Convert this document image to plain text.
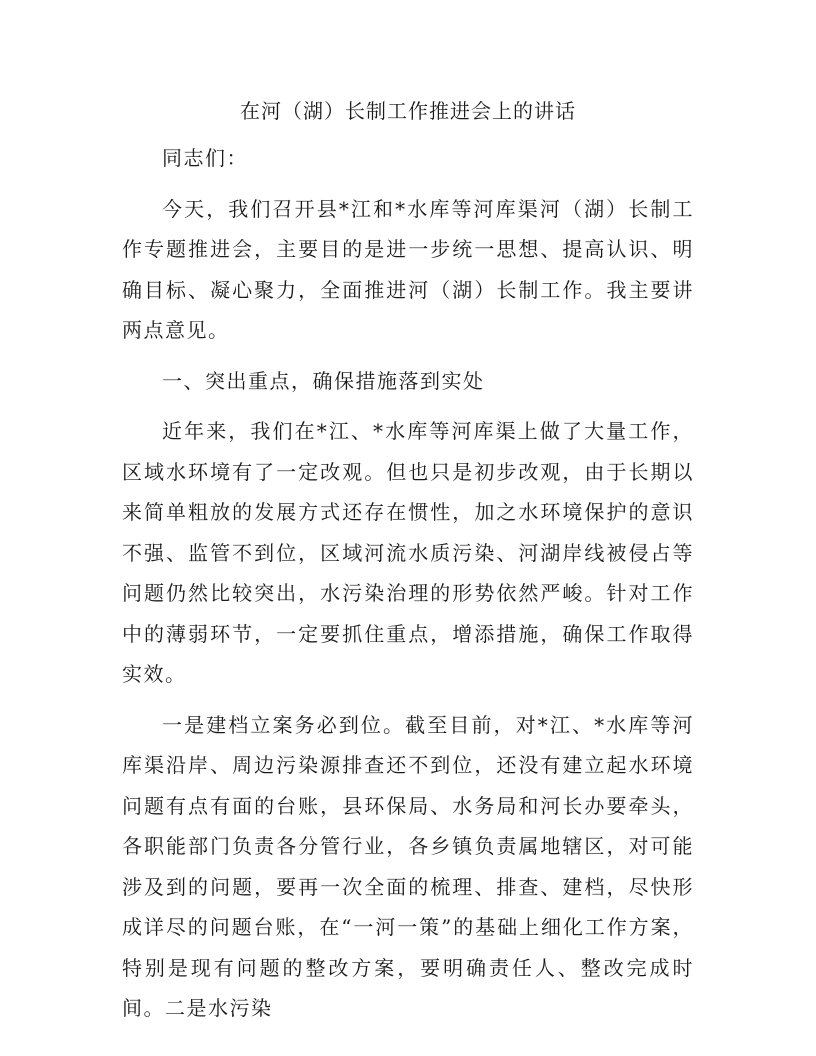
在河（湖）长制工作推进会上的讲话

同志们：

今天，我们召开县*江和*水库等河库渠河（湖）长制工作专题推进会，主要目的是进一步统一思想、提高认识、明确目标、凝心聚力，全面推进河（湖）长制工作。我主要讲两点意见。

一、突出重点，确保措施落到实处

近年来，我们在*江、*水库等河库渠上做了大量工作，区域水环境有了一定改观。但也只是初步改观，由于长期以来简单粗放的发展方式还存在惯性，加之水环境保护的意识不强、监管不到位，区域河流水质污染、河湖岸线被侵占等问题仍然比较突出，水污染治理的形势依然严峻。针对工作中的薄弱环节，一定要抓住重点，增添措施，确保工作取得实效。

一是建档立案务必到位。截至目前，对*江、*水库等河库渠沿岸、周边污染源排查还不到位，还没有建立起水环境问题有点有面的台账，县环保局、水务局和河长办要牵头，各职能部门负责各分管行业，各乡镇负责属地辖区，对可能涉及到的问题，要再一次全面的梳理、排查、建档，尽快形成详尽的问题台账，在“一河一策”的基础上细化工作方案，特别是现有问题的整改方案，要明确责任人、整改完成时间。二是水污染
